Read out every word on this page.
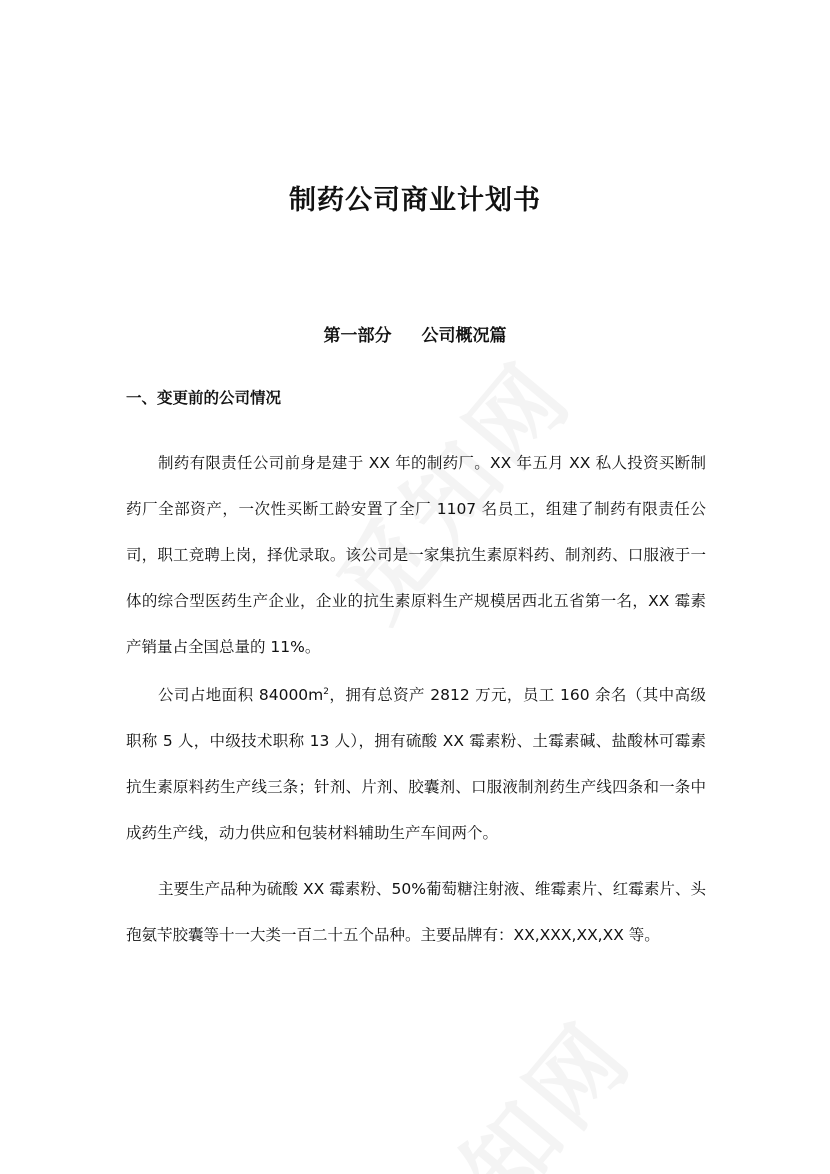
制药公司商业计划书
第一部分 公司概况篇
一、变更前的公司情况

制药有限责任公司前身是建于 XX 年的制药厂。XX 年五月 XX 私人投资买断制药厂全部资产，一次性买断工龄安置了全厂 1107 名员工，组建了制药有限责任公司，职工竞聘上岗，择优录取。该公司是一家集抗生素原料药、制剂药、口服液于一体的综合型医药生产企业，企业的抗生素原料生产规模居西北五省第一名，XX 霉素产销量占全国总量的 11%。

公司占地面积 $84000m^2$，拥有总资产 2812 万元，员工 160 余名（其中高级职称 5 人，中级技术职称 13 人），拥有硫酸 XX 霉素粉、土霉素碱、盐酸林可霉素抗生素原料药生产线三条；针剂、片剂、胶囊剂、口服液制剂药生产线四条和一条中成药生产线，动力供应和包装材料辅助生产车间两个。

主要生产品种为硫酸 XX 霉素粉、50%葡萄糖注射液、维霉素片、红霉素片、头孢氨苄胶囊等十一大类一百二十五个品种。主要品牌有：XX,XXX,XX,XX 等。
